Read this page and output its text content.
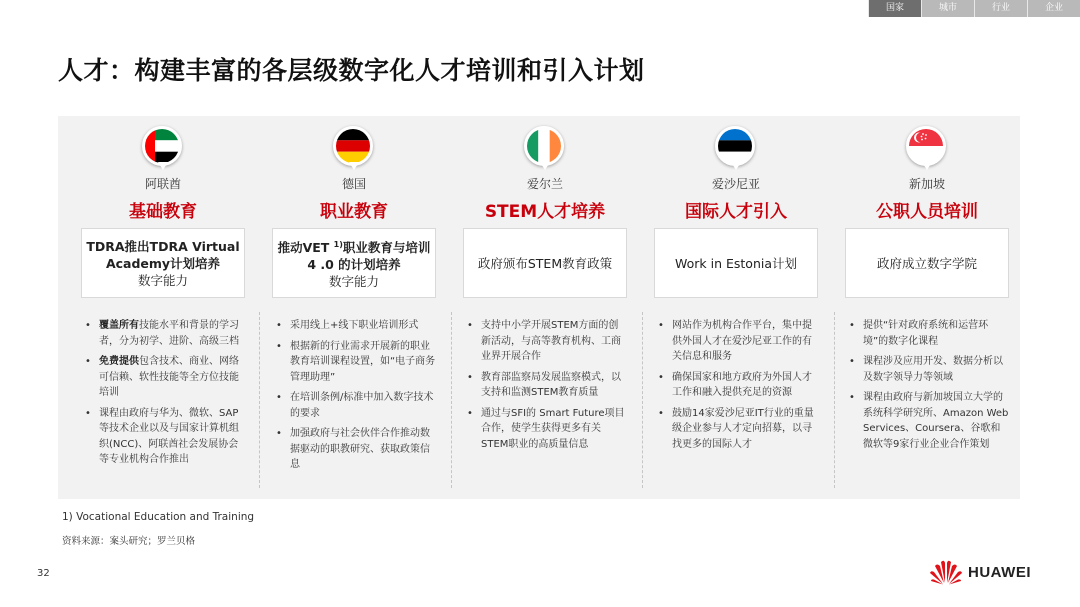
国家	城市	行业	企业
人才：构建丰富的各层级数字化人才培训和引入计划
阿联酋
基础教育
TDRA推出TDRA Virtual Academy计划培养
数字能力
• 覆盖所有技能水平和背景的学习者，分为初学、进阶、高级三档
• 免费提供包含技术、商业、网络可信赖、软性技能等全方位技能培训
• 课程由政府与华为、微软、SAP等技术企业以及与国家计算机组织(NCC)、阿联酋社会发展协会等专业机构合作推出
德国
职业教育
推动VET $^{1)}$职业教育与培训 4 .0 的计划培养
数字能力
• 采用线上+线下职业培训形式
• 根据新的行业需求开展新的职业教育培训课程设置，如“电子商务管理助理”
• 在培训条例/标准中加入数字技术的要求
• 加强政府与社会伙伴合作推动数据驱动的职教研究、获取政策信息
爱尔兰
STEM人才培养
政府颁布STEM教育政策
• 支持中小学开展STEM方面的创新活动，与高等教育机构、工商业界开展合作
• 教育部监察局发展监察模式，以支持和监测STEM教育质量
• 通过与SFI的 Smart Future项目合作，使学生获得更多有关STEM职业的高质量信息
爱沙尼亚
国际人才引入
Work in Estonia计划
• 网站作为机构合作平台，集中提供外国人才在爱沙尼亚工作的有关信息和服务
• 确保国家和地方政府为外国人才工作和融入提供充足的资源
• 鼓励14家爱沙尼亚IT行业的重量级企业参与人才定向招募，以寻找更多的国际人才
新加坡
公职人员培训
政府成立数字学院
• 提供“针对政府系统和运营环境”的数字化课程
• 课程涉及应用开发、数据分析以及数字领导力等领域
• 课程由政府与新加坡国立大学的系统科学研究所、Amazon Web Services、Coursera、谷歌和微软等9家行业企业合作策划
1) Vocational Education and Training
资料来源：案头研究；罗兰贝格
32	HUAWEI
